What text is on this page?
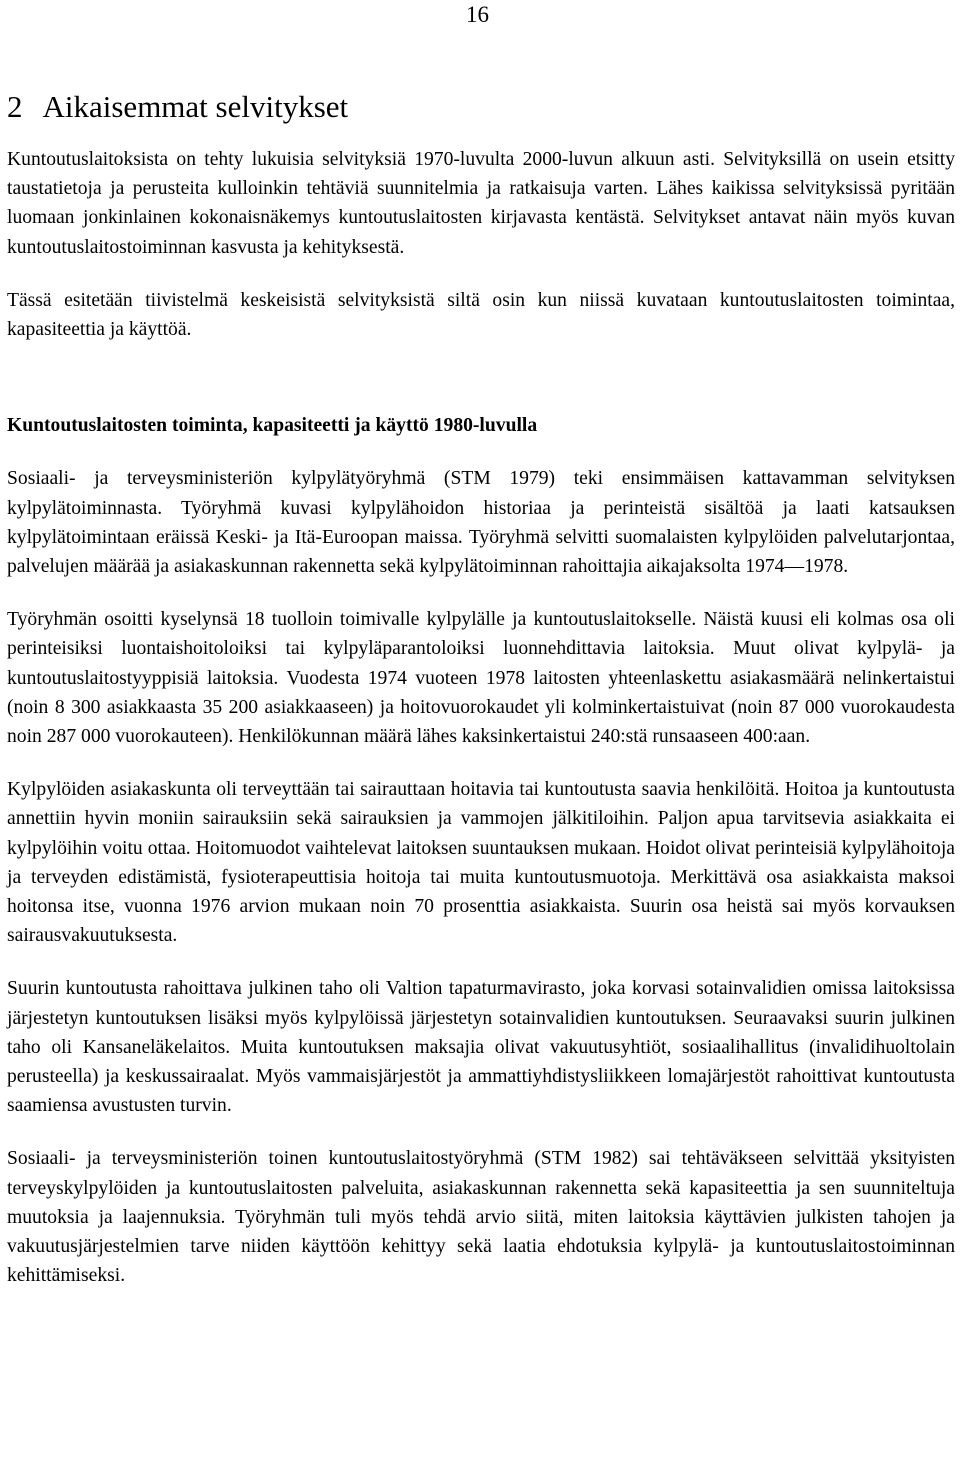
16
2 Aikaisemmat selvitykset

Kuntoutuslaitoksista on tehty lukuisia selvityksiä 1970-luvulta 2000-luvun alkuun asti. Selvityksillä on usein etsitty taustatietoja ja perusteita kulloinkin tehtäviä suunnitelmia ja ratkaisuja varten. Lähes kaikissa selvityksissä pyritään luomaan jonkinlainen kokonaisnäkemys kuntoutuslaitosten kirjavasta kentästä. Selvitykset antavat näin myös kuvan kuntoutuslaitostoiminnan kasvusta ja kehityksestä.

Tässä esitetään tiivistelmä keskeisistä selvityksistä siltä osin kun niissä kuvataan kuntoutuslaitosten toimintaa, kapasiteettia ja käyttöä.

Kuntoutuslaitosten toiminta, kapasiteetti ja käyttö 1980-luvulla

Sosiaali- ja terveysministeriön kylpylätyöryhmä (STM 1979) teki ensimmäisen kattavamman selvityksen kylpylätoiminnasta. Työryhmä kuvasi kylpylähoidon historiaa ja perinteistä sisältöä ja laati katsauksen kylpylätoimintaan eräissä Keski- ja Itä-Euroopan maissa. Työryhmä selvitti suomalaisten kylpylöiden palvelutarjontaa, palvelujen määrää ja asiakaskunnan rakennetta sekä kylpylätoiminnan rahoittajia aikajaksolta 1974—1978.

Työryhmän osoitti kyselynsä 18 tuolloin toimivalle kylpylälle ja kuntoutuslaitokselle. Näistä kuusi eli kolmas osa oli perinteisiksi luontaishoitoloiksi tai kylpyläparantoloiksi luonnehdittavia laitoksia. Muut olivat kylpylä- ja kuntoutuslaitostyyppisiä laitoksia. Vuodesta 1974 vuoteen 1978 laitosten yhteenlaskettu asiakasmäärä nelinkertaistui (noin 8 300 asiakkaasta 35 200 asiakkaaseen) ja hoitovuorokaudet yli kolminkertaistuivat (noin 87 000 vuorokaudesta noin 287 000 vuorokauteen). Henkilökunnan määrä lähes kaksinkertaistui 240:stä runsaaseen 400:aan.

Kylpylöiden asiakaskunta oli terveyttään tai sairauttaan hoitavia tai kuntoutusta saavia henkilöitä. Hoitoa ja kuntoutusta annettiin hyvin moniin sairauksiin sekä sairauksien ja vammojen jälkitiloihin. Paljon apua tarvitsevia asiakkaita ei kylpylöihin voitu ottaa. Hoitomuodot vaihtelevat laitoksen suuntauksen mukaan. Hoidot olivat perinteisiä kylpylähoitoja ja terveyden edistämistä, fysioterapeuttisia hoitoja tai muita kuntoutusmuotoja. Merkittävä osa asiakkaista maksoi hoitonsa itse, vuonna 1976 arvion mukaan noin 70 prosenttia asiakkaista. Suurin osa heistä sai myös korvauksen sairausvakuutuksesta.

Suurin kuntoutusta rahoittava julkinen taho oli Valtion tapaturmavirasto, joka korvasi sotainvalidien omissa laitoksissa järjestetyn kuntoutuksen lisäksi myös kylpylöissä järjestetyn sotainvalidien kuntoutuksen. Seuraavaksi suurin julkinen taho oli Kansaneläkelaitos. Muita kuntoutuksen maksajia olivat vakuutusyhtiöt, sosiaalihallitus (invalidihuoltolain perusteella) ja keskussairaalat. Myös vammaisjärjestöt ja ammattiyhdistysliikkeen lomajärjestöt rahoittivat kuntoutusta saamiensa avustusten turvin.

Sosiaali- ja terveysministeriön toinen kuntoutuslaitostyöryhmä (STM 1982) sai tehtäväkseen selvittää yksityisten terveyskylpylöiden ja kuntoutuslaitosten palveluita, asiakaskunnan rakennetta sekä kapasiteettia ja sen suunniteltuja muutoksia ja laajennuksia. Työryhmän tuli myös tehdä arvio siitä, miten laitoksia käyttävien julkisten tahojen ja vakuutusjärjestelmien tarve niiden käyttöön kehittyy sekä laatia ehdotuksia kylpylä- ja kuntoutuslaitostoiminnan kehittämiseksi.
